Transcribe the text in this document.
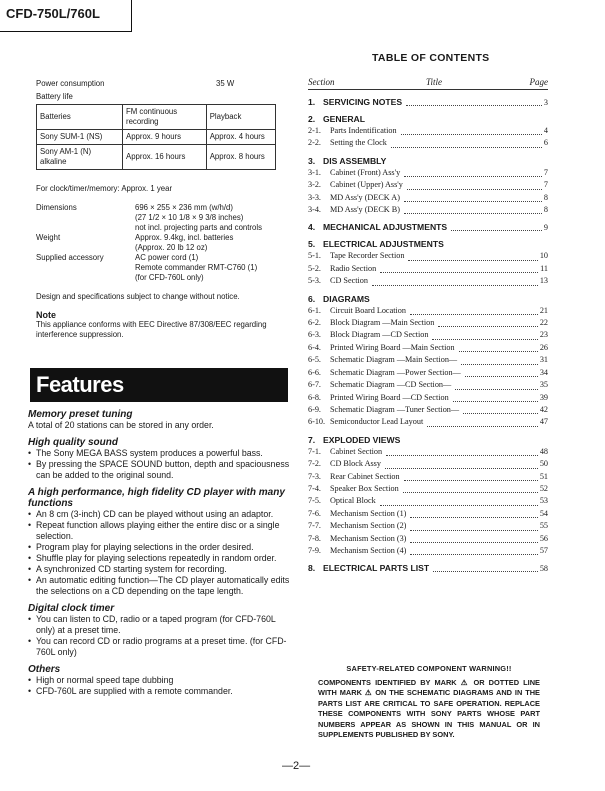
CFD-750L/760L
Power consumption	35 W
Battery life
Batteries	FM continuous recording	Playback
Sony SUM-1 (NS)	Approx. 9 hours	Approx. 4 hours
Sony AM-1 (N) alkaline	Approx. 16 hours	Approx. 8 hours
For clock/timer/memory: Approx. 1 year
Dimensions	696 × 255 × 236 mm (w/h/d)
(27 1/2 × 10 1/8 × 9 3/8 inches)
not incl. projecting parts and controls
Weight	Approx. 9.4kg, incl. batteries
(Approx. 20 lb 12 oz)
Supplied accessory	AC power cord (1)
Remote commander RMT-C760 (1)
(for CFD-760L only)
Design and specifications subject to change without notice.
Note
This appliance conforms with EEC Directive 87/308/EEC regarding interference suppression.
Features
Memory preset tuning
A total of 20 stations can be stored in any order.
High quality sound
• The Sony MEGA BASS system produces a powerful bass.
• By pressing the SPACE SOUND button, depth and spaciousness can be added to the original sound.
A high performance, high fidelity CD player with many functions
• An 8 cm (3-inch) CD can be played without using an adaptor.
• Repeat function allows playing either the entire disc or a single selection.
• Program play for playing selections in the order desired.
• Shuffle play for playing selections repeatedly in random order.
• A synchronized CD starting system for recording.
• An automatic editing function—The CD player automatically edits the selections on a CD depending on the tape length.
Digital clock timer
• You can listen to CD, radio or a taped program (for CFD-760L only) at a preset time.
• You can record CD or radio programs at a preset time. (for CFD-760L only)
Others
• High or normal speed tape dubbing
• CFD-760L are supplied with a remote commander.
TABLE OF CONTENTS
Section	Title	Page
1. SERVICING NOTES	3
2. GENERAL
2-1.	Parts Indentification	4
2-2.	Setting the Clock	6
3. DIS ASSEMBLY
3-1.	Cabinet (Front) Ass'y	7
3-2.	Cabinet (Upper) Ass'y	7
3-3.	MD Ass'y (DECK A)	8
3-4.	MD Ass'y (DECK B)	8
4. MECHANICAL ADJUSTMENTS	9
5. ELECTRICAL ADJUSTMENTS
5-1.	Tape Recorder Section	10
5-2.	Radio Section	11
5-3.	CD Section	13
6. DIAGRAMS
6-1.	Circuit Board Location	21
6-2.	Block Diagram —Main Section	22
6-3.	Block Diagram —CD Section	23
6-4.	Printed Wiring Board —Main Section	26
6-5.	Schematic Diagram —Main Section—	31
6-6.	Schematic Diagram —Power Section—	34
6-7.	Schematic Diagram —CD Section—	35
6-8.	Printed Wiring Board —CD Section	39
6-9.	Schematic Diagram —Tuner Section—	42
6-10. Semiconductor Lead Layout	47
7. EXPLODED VIEWS
7-1.	Cabinet Section	48
7-2.	CD Block Assy	50
7-3.	Rear Cabinet Section	51
7-4.	Speaker Box Section	52
7-5.	Optical Block	53
7-6.	Mechanism Section (1)	54
7-7.	Mechanism Section (2)	55
7-8.	Mechanism Section (3)	56
7-9.	Mechanism Section (4)	57
8. ELECTRICAL PARTS LIST	58
SAFETY-RELATED COMPONENT WARNING!!
COMPONENTS IDENTIFIED BY MARK ⚠ OR DOTTED LINE WITH MARK ⚠ ON THE SCHEMATIC DIAGRAMS AND IN THE PARTS LIST ARE CRITICAL TO SAFE OPERATION. REPLACE THESE COMPONENTS WITH SONY PARTS WHOSE PART NUMBERS APPEAR AS SHOWN IN THIS MANUAL OR IN SUPPLEMENTS PUBLISHED BY SONY.
—2—
